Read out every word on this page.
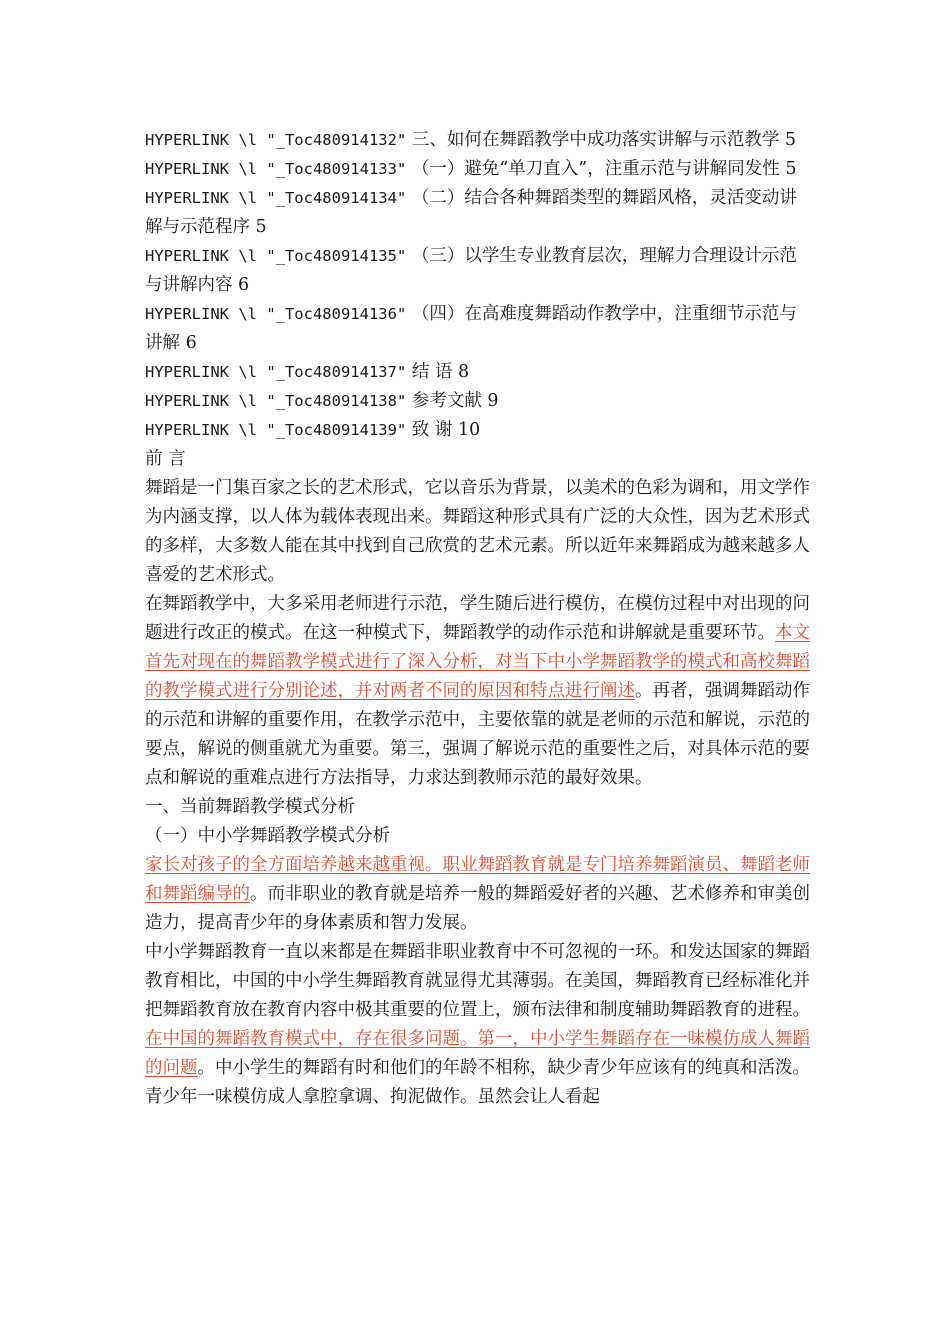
HYPERLINK \l "_Toc480914132" 三、如何在舞蹈教学中成功落实讲解与示范教学 5

HYPERLINK \l "_Toc480914133" （一）避免“单刀直入”，注重示范与讲解同发性 5

HYPERLINK \l "_Toc480914134" （二）结合各种舞蹈类型的舞蹈风格，灵活变动讲解与示范程序 5

HYPERLINK \l "_Toc480914135" （三）以学生专业教育层次，理解力合理设计示范与讲解内容 6

HYPERLINK \l "_Toc480914136" （四）在高难度舞蹈动作教学中，注重细节示范与讲解 6

HYPERLINK \l "_Toc480914137" 结 语 8

HYPERLINK \l "_Toc480914138" 参考文献 9

HYPERLINK \l "_Toc480914139" 致 谢 10

前 言

舞蹈是一门集百家之长的艺术形式，它以音乐为背景，以美术的色彩为调和，用文学作为内涵支撑，以人体为载体表现出来。舞蹈这种形式具有广泛的大众性，因为艺术形式的多样，大多数人能在其中找到自己欣赏的艺术元素。所以近年来舞蹈成为越来越多人喜爱的艺术形式。

在舞蹈教学中，大多采用老师进行示范，学生随后进行模仿，在模仿过程中对出现的问题进行改正的模式。在这一种模式下，舞蹈教学的动作示范和讲解就是重要环节。本文首先对现在的舞蹈教学模式进行了深入分析，对当下中小学舞蹈教学的模式和高校舞蹈的教学模式进行分别论述，并对两者不同的原因和特点进行阐述。再者，强调舞蹈动作的示范和讲解的重要作用，在教学示范中，主要依靠的就是老师的示范和解说，示范的要点，解说的侧重就尤为重要。第三，强调了解说示范的重要性之后，对具体示范的要点和解说的重难点进行方法指导，力求达到教师示范的最好效果。

一、当前舞蹈教学模式分析

（一）中小学舞蹈教学模式分析

家长对孩子的全方面培养越来越重视。职业舞蹈教育就是专门培养舞蹈演员、舞蹈老师和舞蹈编导的。而非职业的教育就是培养一般的舞蹈爱好者的兴趣、艺术修养和审美创造力，提高青少年的身体素质和智力发展。

中小学舞蹈教育一直以来都是在舞蹈非职业教育中不可忽视的一环。和发达国家的舞蹈教育相比，中国的中小学生舞蹈教育就显得尤其薄弱。在美国，舞蹈教育已经标准化并把舞蹈教育放在教育内容中极其重要的位置上，颁布法律和制度辅助舞蹈教育的进程。

在中国的舞蹈教育模式中，存在很多问题。第一，中小学生舞蹈存在一味模仿成人舞蹈的问题。中小学生的舞蹈有时和他们的年龄不相称，缺少青少年应该有的纯真和活泼。青少年一味模仿成人拿腔拿调、拘泥做作。虽然会让人看起
